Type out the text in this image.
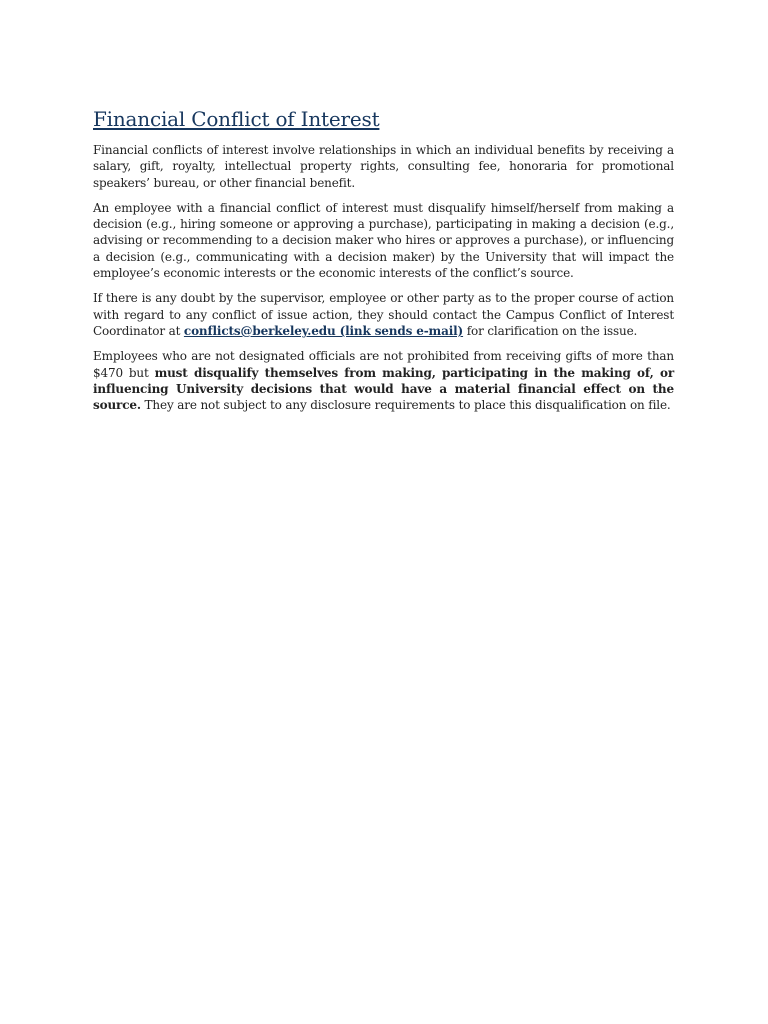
Financial Conflict of Interest

Financial conflicts of interest involve relationships in which an individual benefits by receiving a salary, gift, royalty, intellectual property rights, consulting fee, honoraria for promotional speakers’ bureau, or other financial benefit.

An employee with a financial conflict of interest must disqualify himself/herself from making a decision (e.g., hiring someone or approving a purchase), participating in making a decision (e.g., advising or recommending to a decision maker who hires or approves a purchase), or influencing a decision (e.g., communicating with a decision maker) by the University that will impact the employee’s economic interests or the economic interests of the conflict’s source.

If there is any doubt by the supervisor, employee or other party as to the proper course of action with regard to any conflict of issue action, they should contact the Campus Conflict of Interest Coordinator at conflicts@berkeley.edu (link sends e-mail) for clarification on the issue.

Employees who are not designated officials are not prohibited from receiving gifts of more than $470 but must disqualify themselves from making, participating in the making of, or influencing University decisions that would have a material financial effect on the source. They are not subject to any disclosure requirements to place this disqualification on file.
